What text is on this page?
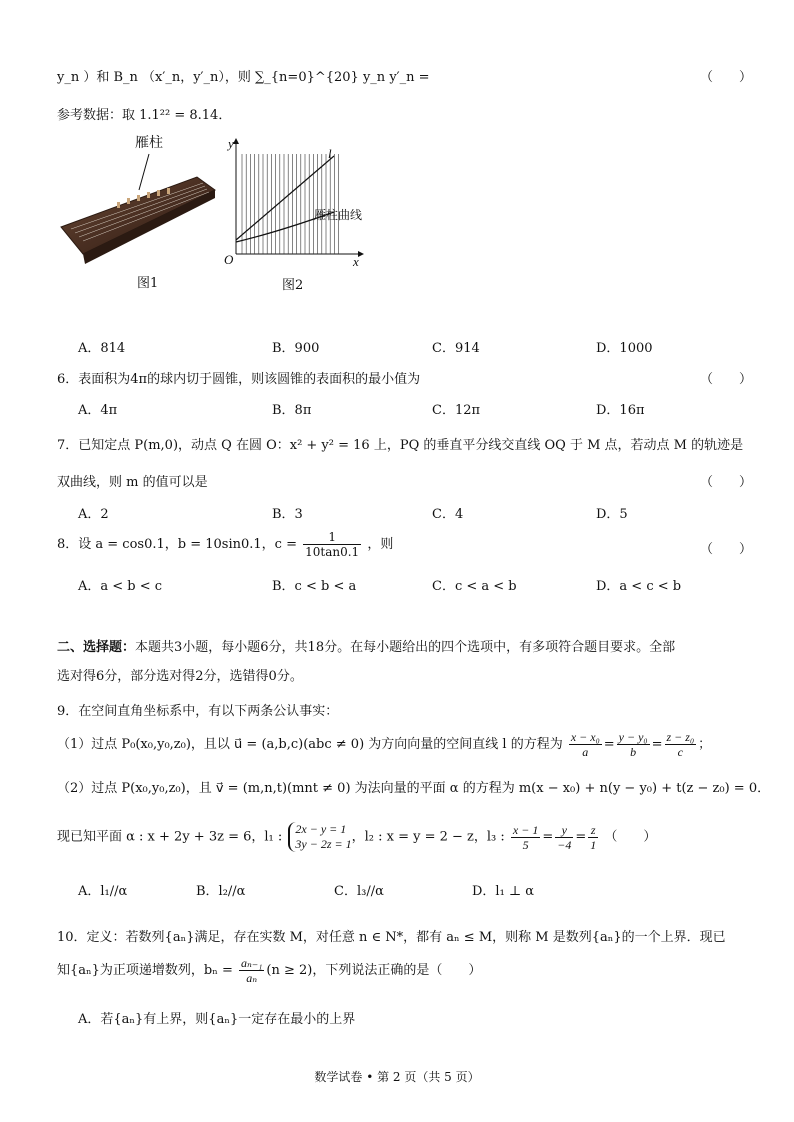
y_n ）和 B_n （x′_n，y′_n），则 ∑_{n=0}^{20} y_n y′_n =	（　　）
参考数据：取 1.1²² = 8.14．
雁柱
图1
y
x
O
l
雁柱曲线
图2
A．814	B．900	C．914	D．1000
6．表面积为4π的球内切于圆锥，则该圆锥的表面积的最小值为	（　　）
A．4π	B．8π	C．12π	D．16π
7．已知定点 P(m,0)，动点 Q 在圆 O：x² + y² = 16 上，PQ 的垂直平分线交直线 OQ 于 M 点，若动点 M 的轨迹是
双曲线，则 m 的值可以是	（　　）
A．2	B．3	C．4	D．5
8．设 a = cos0.1，b = 10sin0.1，$c = \frac{1}{10\tan 0.1}$ ，则	（　　）
A．a < b < c	B．c < b < a	C．c < a < b	D．a < c < b
二、选择题：本题共3小题，每小题6分，共18分。在每小题给出的四个选项中，有多项符合题目要求。全部
选对得6分，部分选对得2分，选错得0分。
9．在空间直角坐标系中，有以下两条公认事实：
（1）过点 P₀(x₀,y₀,z₀)，且以 u⃗ = (a,b,c)(abc ≠ 0) 为方向向量的空间直线 l 的方程为 $\frac{\text{x − x₀}}{a} = \frac{\text{y − y₀}}{b} = \frac{\text{z − z₀}}{c}$ ；
（2）过点 P(x₀,y₀,z₀)，且 v⃗ = (m,n,t)(mnt ≠ 0) 为法向量的平面 α 的方程为 m(x − x₀) + n(y − y₀) + t(z − z₀) = 0．
现已知平面 α : x + 2y + 3z = 6，l₁ : 2x − y = 1
3y − 2z = 1，l₂ : x = y = 2 − z，l₃ : $\frac{x - 1}{5} = \frac{y}{-4} = \frac{z}{1}$ （　　）
A．l₁//α	B．l₂//α	C．l₃//α	D．l₁ ⊥ α
10．定义：若数列{aₙ}满足，存在实数 M，对任意 n ∈ N*，都有 aₙ ≤ M，则称 M 是数列{aₙ}的一个上界．现已
知{aₙ}为正项递增数列，$b_n = \frac{\text{aₙ₋₁}}{\text{aₙ}} (n \ge 2)$，下列说法正确的是（　　）
A．若{aₙ}有上界，则{aₙ}一定存在最小的上界
数学试卷 • 第 2 页（共 5 页）
